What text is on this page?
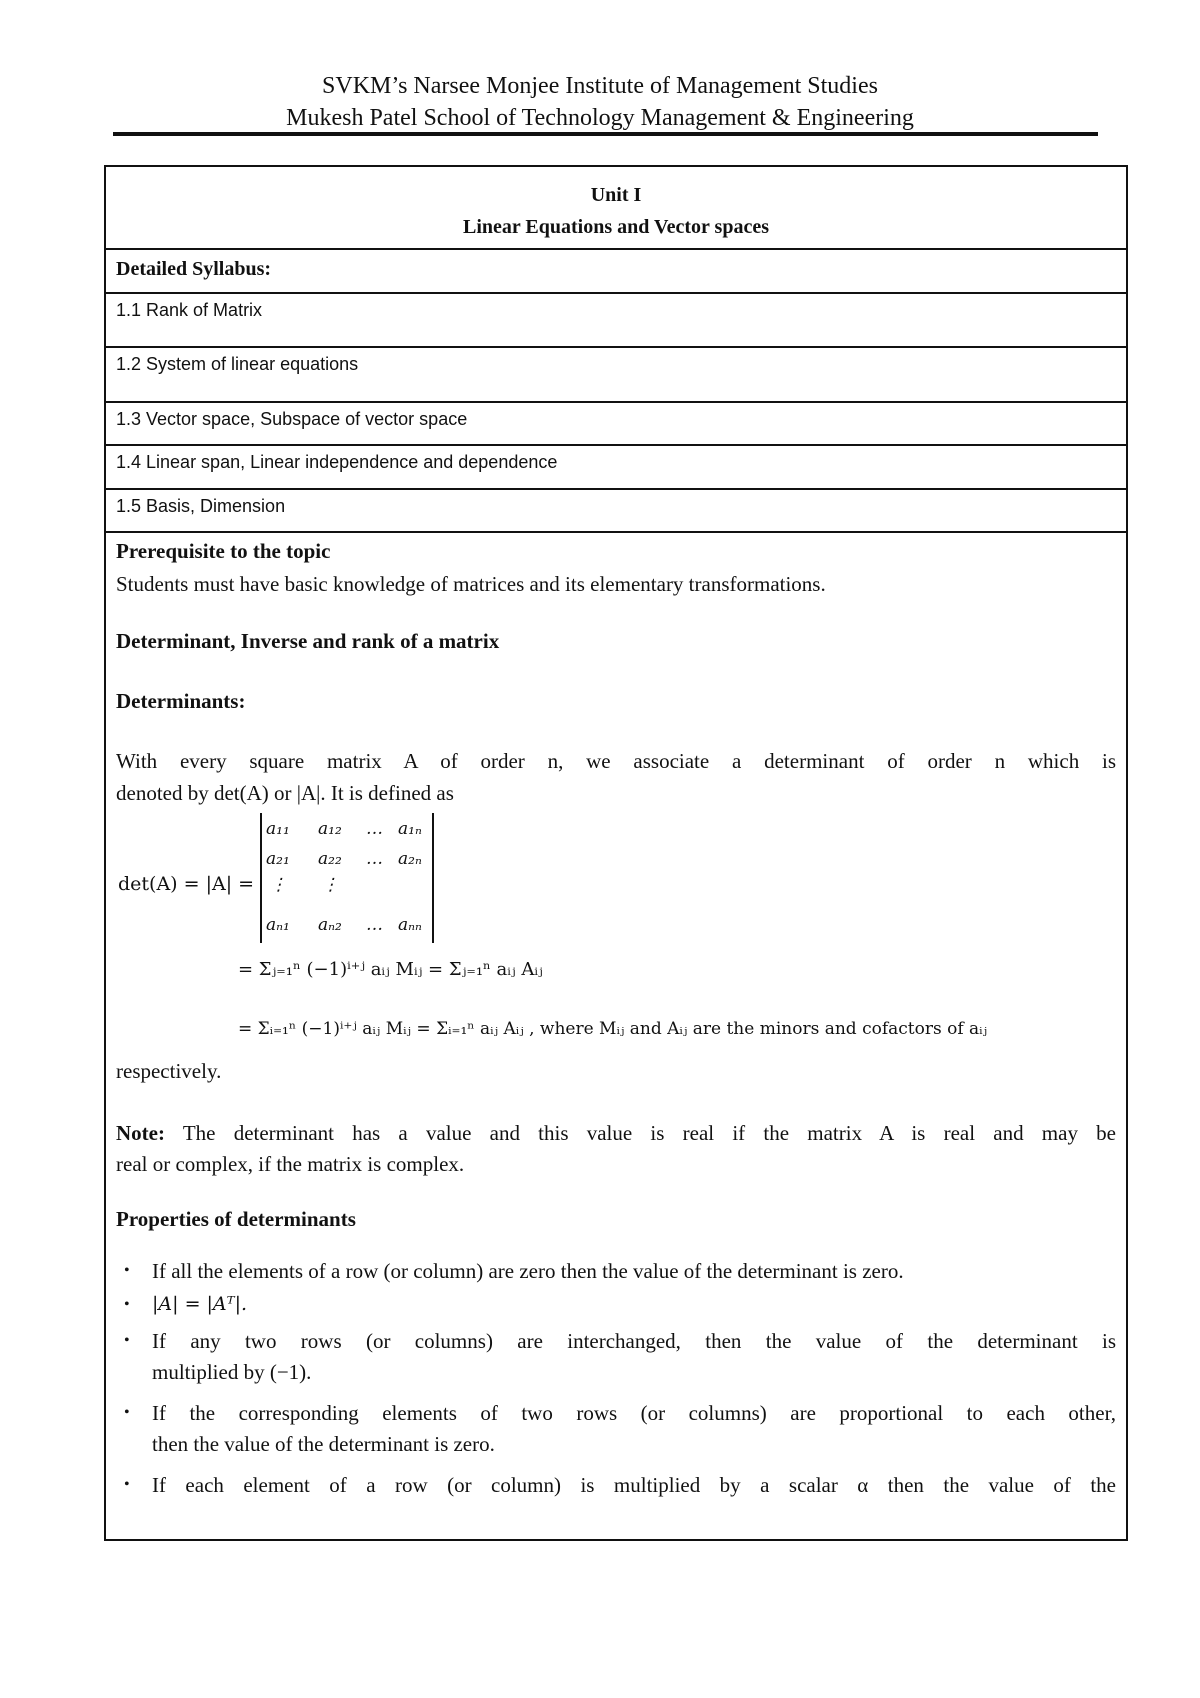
SVKM’s Narsee Monjee Institute of Management Studies
Mukesh Patel School of Technology Management & Engineering
Unit I
Linear Equations and Vector spaces
Detailed Syllabus:
1.1 Rank of Matrix
1.2 System of linear equations
1.3 Vector space, Subspace of vector space
1.4 Linear span, Linear independence and dependence
1.5 Basis, Dimension
Prerequisite to the topic
Students must have basic knowledge of matrices and its elementary transformations.
Determinant, Inverse and rank of a matrix
Determinants:
With every square matrix A of order n, we associate a determinant of order n which is
denoted by det(A) or |A|. It is defined as
det(A) = |A| =
a₁₁ a₁₂ … a₁ₙ
a₂₁ a₂₂ … a₂ₙ
⋮ ⋮
aₙ₁ aₙ₂ … aₙₙ
= Σⱼ₌₁ⁿ (−1)ⁱ⁺ʲ aᵢⱼ Mᵢⱼ = Σⱼ₌₁ⁿ aᵢⱼ Aᵢⱼ
= Σᵢ₌₁ⁿ (−1)ⁱ⁺ʲ aᵢⱼ Mᵢⱼ = Σᵢ₌₁ⁿ aᵢⱼ Aᵢⱼ , where Mᵢⱼ and Aᵢⱼ are the minors and cofactors of aᵢⱼ
respectively.
Note: The determinant has a value and this value is real if the matrix A is real and may be
real or complex, if the matrix is complex.
Properties of determinants
• If all the elements of a row (or column) are zero then the value of the determinant is zero.
• |A| = |Aᵀ|.
• If any two rows (or columns) are interchanged, then the value of the determinant is
multiplied by (−1).
• If the corresponding elements of two rows (or columns) are proportional to each other,
then the value of the determinant is zero.
• If each element of a row (or column) is multiplied by a scalar α then the value of the
